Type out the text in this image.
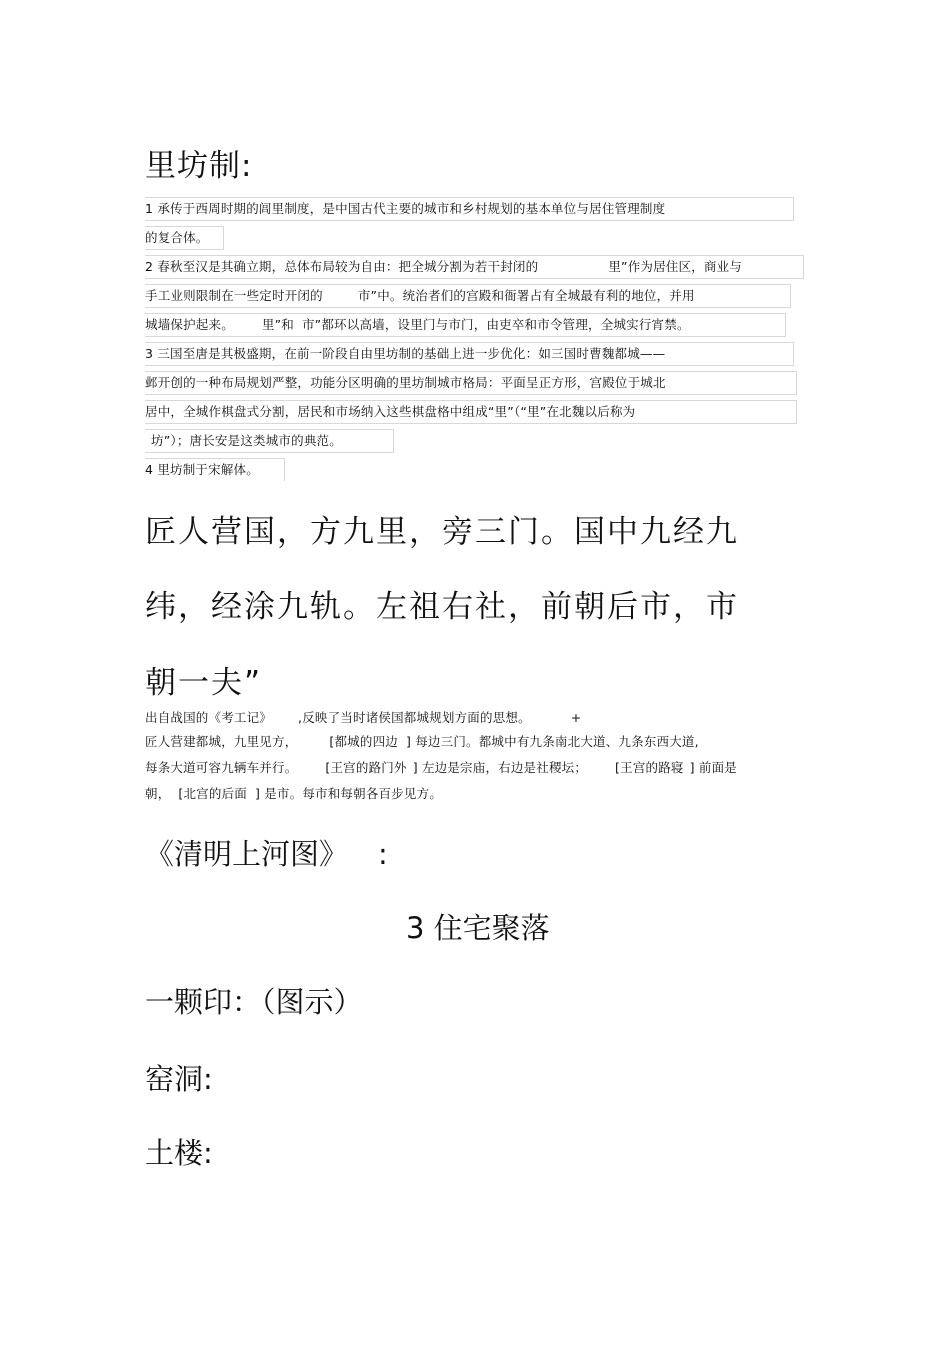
里坊制:
1 承传于西周时期的闾里制度，是中国古代主要的城市和乡村规划的基本单位与居住管理制度
的复合体。
2 春秋至汉是其确立期，总体布局较为自由：把全城分割为若干封闭的	里”作为居住区，商业与
手工业则限制在一些定时开闭的	市”中。统治者们的宫殿和衙署占有全城最有利的地位，并用
城墙保护起来。 里”和 市”都环以高墙，设里门与市门，由吏卒和市令管理，全城实行宵禁。
3 三国至唐是其极盛期，在前一阶段自由里坊制的基础上进一步优化：如三国时曹魏都城——
邺开创的一种布局规划严整，功能分区明确的里坊制城市格局：平面呈正方形，宫殿位于城北
居中，全城作棋盘式分割，居民和市场纳入这些棋盘格中组成“里”（“里”在北魏以后称为
坊”）；唐长安是这类城市的典范。
4 里坊制于宋解体。
匠人营国，方九里，旁三门。国中九经九
纬，经涂九轨。左祖右社，前朝后市，市
朝一夫”
出自战国的《考工记》 ,反映了当时诸侯国都城规划方面的思想。	+
匠人营建都城，九里见方，	[都城的四边 ] 每边三门。都城中有九条南北大道、九条东西大道,
每条大道可容九辆车并行。 [王宫的路门外 ] 左边是宗庙，右边是社稷坛； [王宫的路寝 ] 前面是
朝， [北宫的后面 ] 是市。每市和每朝各百步见方。
《清明上河图》 :
3 住宅聚落
一颗印：（图示）
窑洞:
土楼:
